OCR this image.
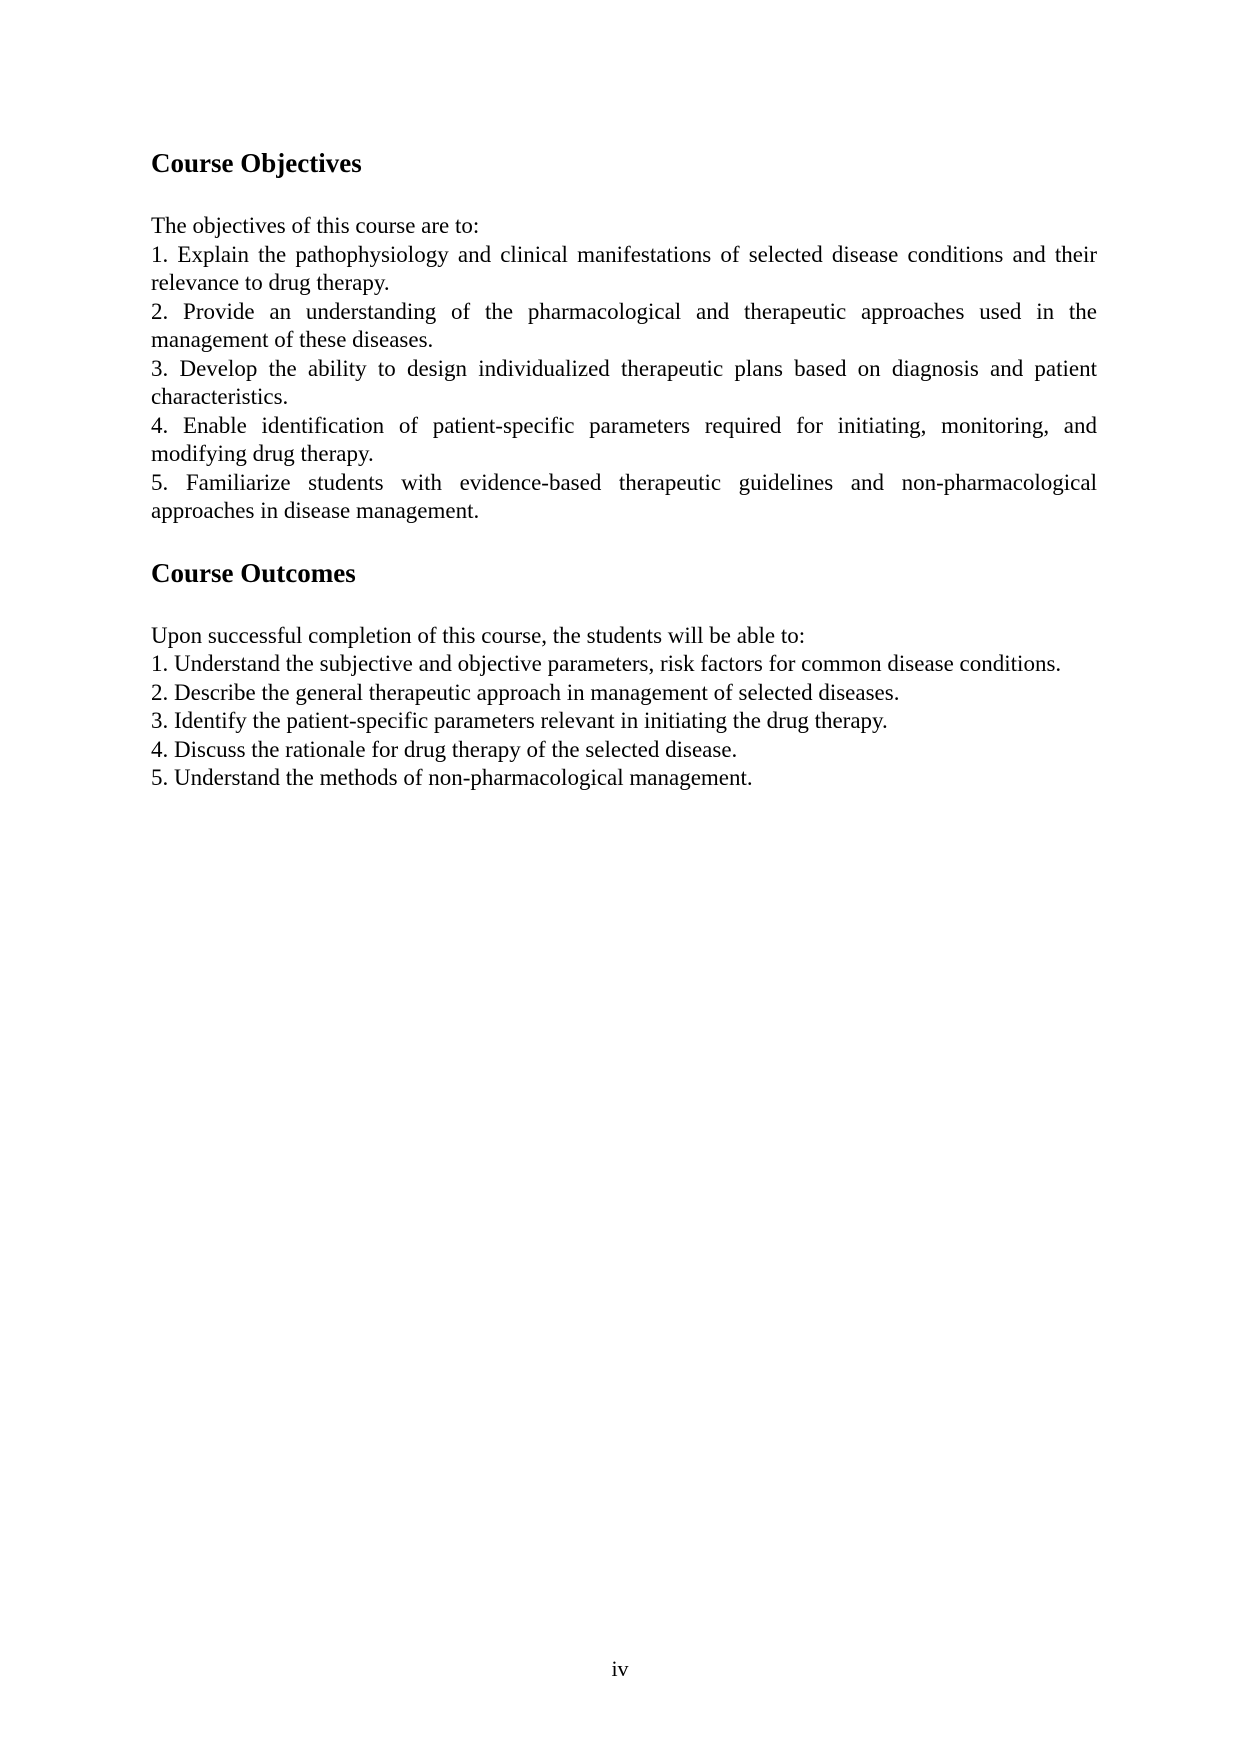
Course Objectives

The objectives of this course are to:

1. Explain the pathophysiology and clinical manifestations of selected disease conditions and their relevance to drug therapy.
2. Provide an understanding of the pharmacological and therapeutic approaches used in the management of these diseases.
3. Develop the ability to design individualized therapeutic plans based on diagnosis and patient characteristics.
4. Enable identification of patient-specific parameters required for initiating, monitoring, and modifying drug therapy.
5. Familiarize students with evidence-based therapeutic guidelines and non-pharmacological approaches in disease management.
Course Outcomes

Upon successful completion of this course, the students will be able to:

1. Understand the subjective and objective parameters, risk factors for common disease conditions.
2. Describe the general therapeutic approach in management of selected diseases.
3. Identify the patient-specific parameters relevant in initiating the drug therapy.
4. Discuss the rationale for drug therapy of the selected disease.
5. Understand the methods of non-pharmacological management.
iv
